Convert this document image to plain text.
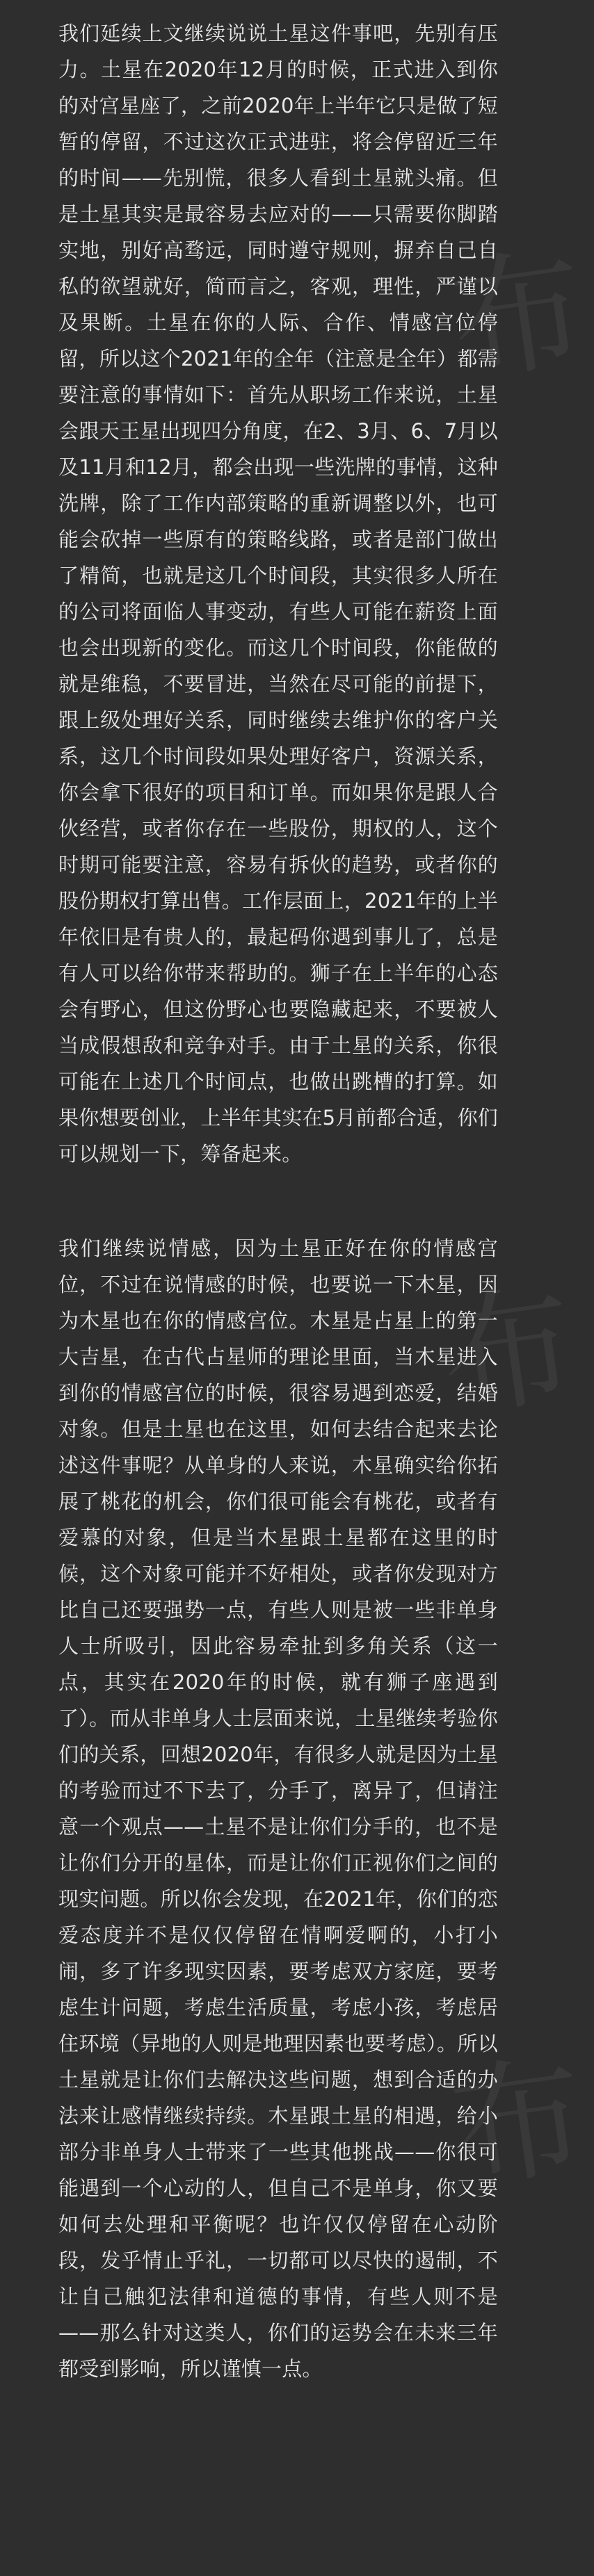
布
布
布

我们延续上文继续说说土星这件事吧，先别有压力。土星在2020年12月的时候，正式进入到你的对宫星座了，之前2020年上半年它只是做了短暂的停留，不过这次正式进驻，将会停留近三年的时间——先别慌，很多人看到土星就头痛。但是土星其实是最容易去应对的——只需要你脚踏实地，别好高骛远，同时遵守规则，摒弃自己自私的欲望就好，简而言之，客观，理性，严谨以及果断。土星在你的人际、合作、情感宫位停留，所以这个2021年的全年（注意是全年）都需要注意的事情如下：首先从职场工作来说，土星会跟天王星出现四分角度，在2、3月、6、7月以及11月和12月，都会出现一些洗牌的事情，这种洗牌，除了工作内部策略的重新调整以外，也可能会砍掉一些原有的策略线路，或者是部门做出了精简，也就是这几个时间段，其实很多人所在的公司将面临人事变动，有些人可能在薪资上面也会出现新的变化。而这几个时间段，你能做的就是维稳，不要冒进，当然在尽可能的前提下，跟上级处理好关系，同时继续去维护你的客户关系，这几个时间段如果处理好客户，资源关系，你会拿下很好的项目和订单。而如果你是跟人合伙经营，或者你存在一些股份，期权的人，这个时期可能要注意，容易有拆伙的趋势，或者你的股份期权打算出售。工作层面上，2021年的上半年依旧是有贵人的，最起码你遇到事儿了，总是有人可以给你带来帮助的。狮子在上半年的心态会有野心，但这份野心也要隐藏起来，不要被人当成假想敌和竞争对手。由于土星的关系，你很可能在上述几个时间点，也做出跳槽的打算。如果你想要创业，上半年其实在5月前都合适，你们可以规划一下，筹备起来。

我们继续说情感，因为土星正好在你的情感宫位，不过在说情感的时候，也要说一下木星，因为木星也在你的情感宫位。木星是占星上的第一大吉星，在古代占星师的理论里面，当木星进入到你的情感宫位的时候，很容易遇到恋爱，结婚对象。但是土星也在这里，如何去结合起来去论述这件事呢？从单身的人来说，木星确实给你拓展了桃花的机会，你们很可能会有桃花，或者有爱慕的对象，但是当木星跟土星都在这里的时候，这个对象可能并不好相处，或者你发现对方比自己还要强势一点，有些人则是被一些非单身人士所吸引，因此容易牵扯到多角关系（这一点，其实在2020年的时候，就有狮子座遇到了）。而从非单身人士层面来说，土星继续考验你们的关系，回想2020年，有很多人就是因为土星的考验而过不下去了，分手了，离异了，但请注意一个观点——土星不是让你们分手的，也不是让你们分开的星体，而是让你们正视你们之间的现实问题。所以你会发现，在2021年，你们的恋爱态度并不是仅仅停留在情啊爱啊的，小打小闹，多了许多现实因素，要考虑双方家庭，要考虑生计问题，考虑生活质量，考虑小孩，考虑居住环境（异地的人则是地理因素也要考虑）。所以土星就是让你们去解决这些问题，想到合适的办法来让感情继续持续。木星跟土星的相遇，给小部分非单身人士带来了一些其他挑战——你很可能遇到一个心动的人，但自己不是单身，你又要如何去处理和平衡呢？也许仅仅停留在心动阶段，发乎情止乎礼，一切都可以尽快的遏制，不让自己触犯法律和道德的事情，有些人则不是——那么针对这类人，你们的运势会在未来三年都受到影响，所以谨慎一点。
